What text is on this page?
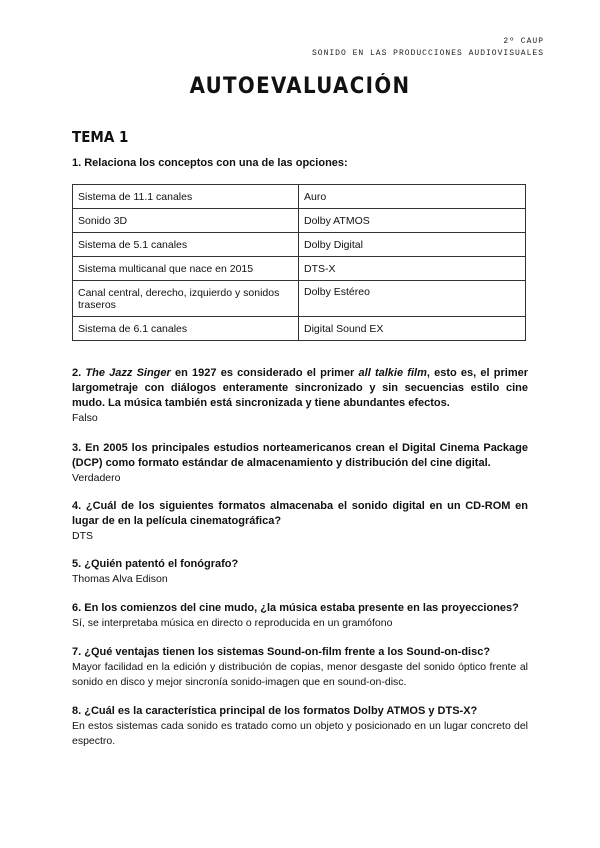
2º CAUP
SONIDO EN LAS PRODUCCIONES AUDIOVISUALES
AUTOEVALUACIÓN
TEMA 1
1. Relaciona los conceptos con una de las opciones:
Sistema de 11.1 canales	Auro
Sonido 3D	Dolby ATMOS
Sistema de 5.1 canales	Dolby Digital
Sistema multicanal que nace en 2015	DTS-X
Canal central, derecho, izquierdo y sonidos traseros	Dolby Estéreo
Sistema de 6.1 canales	Digital Sound EX
2. The Jazz Singer en 1927 es considerado el primer all talkie film, esto es, el primer largometraje con diálogos enteramente sincronizado y sin secuencias estilo cine mudo. La música también está sincronizada y tiene abundantes efectos.
Falso
3. En 2005 los principales estudios norteamericanos crean el Digital Cinema Package (DCP) como formato estándar de almacenamiento y distribución del cine digital.
Verdadero
4. ¿Cuál de los siguientes formatos almacenaba el sonido digital en un CD-ROM en lugar de en la película cinematográfica?
DTS
5. ¿Quién patentó el fonógrafo?
Thomas Alva Edison
6. En los comienzos del cine mudo, ¿la música estaba presente en las proyecciones?
Sí, se interpretaba música en directo o reproducida en un gramófono
7. ¿Qué ventajas tienen los sistemas Sound-on-film frente a los Sound-on-disc?
Mayor facilidad en la edición y distribución de copias, menor desgaste del sonido óptico frente al sonido en disco y mejor sincronía sonido-imagen que en sound-on-disc.
8. ¿Cuál es la característica principal de los formatos Dolby ATMOS y DTS-X?
En estos sistemas cada sonido es tratado como un objeto y posicionado en un lugar concreto del espectro.
